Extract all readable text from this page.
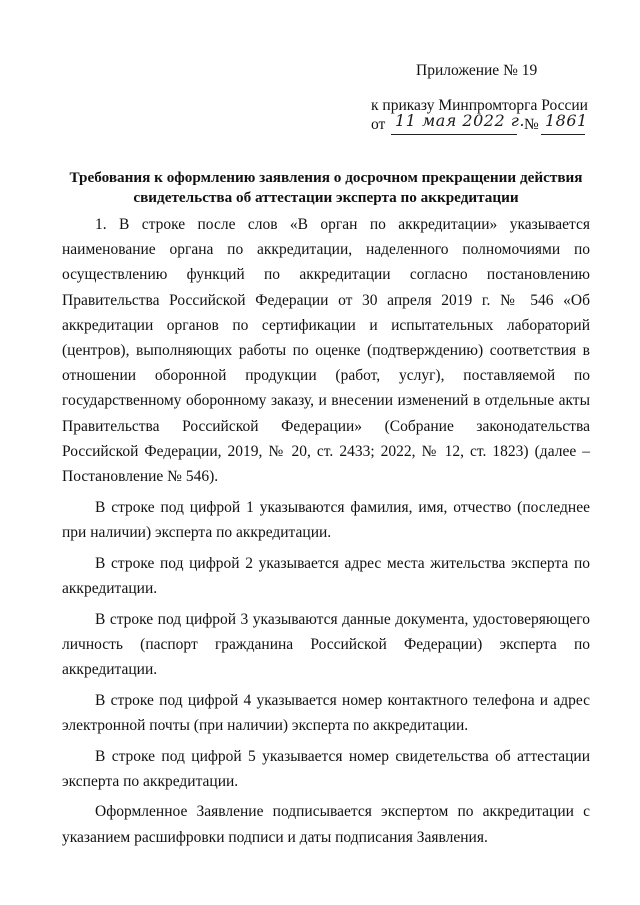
Приложение № 19
к приказу Минпромторга России
от 11 мая 2022 г. № 1861
Требования к оформлению заявления о досрочном прекращении действия свидетельства об аттестации эксперта по аккредитации

1. В строке после слов «В орган по аккредитации» указывается наименование органа по аккредитации, наделенного полномочиями по осуществлению функций по аккредитации согласно постановлению Правительства Российской Федерации от 30 апреля 2019 г. № 546 «Об аккредитации органов по сертификации и испытательных лабораторий (центров), выполняющих работы по оценке (подтверждению) соответствия в отношении оборонной продукции (работ, услуг), поставляемой по государственному оборонному заказу, и внесении изменений в отдельные акты Правительства Российской Федерации» (Собрание законодательства Российской Федерации, 2019, № 20, ст. 2433; 2022, № 12, ст. 1823) (далее – Постановление № 546).

В строке под цифрой 1 указываются фамилия, имя, отчество (последнее при наличии) эксперта по аккредитации.

В строке под цифрой 2 указывается адрес места жительства эксперта по аккредитации.

В строке под цифрой 3 указываются данные документа, удостоверяющего личность (паспорт гражданина Российской Федерации) эксперта по аккредитации.

В строке под цифрой 4 указывается номер контактного телефона и адрес электронной почты (при наличии) эксперта по аккредитации.

В строке под цифрой 5 указывается номер свидетельства об аттестации эксперта по аккредитации.

Оформленное Заявление подписывается экспертом по аккредитации с указанием расшифровки подписи и даты подписания Заявления.
